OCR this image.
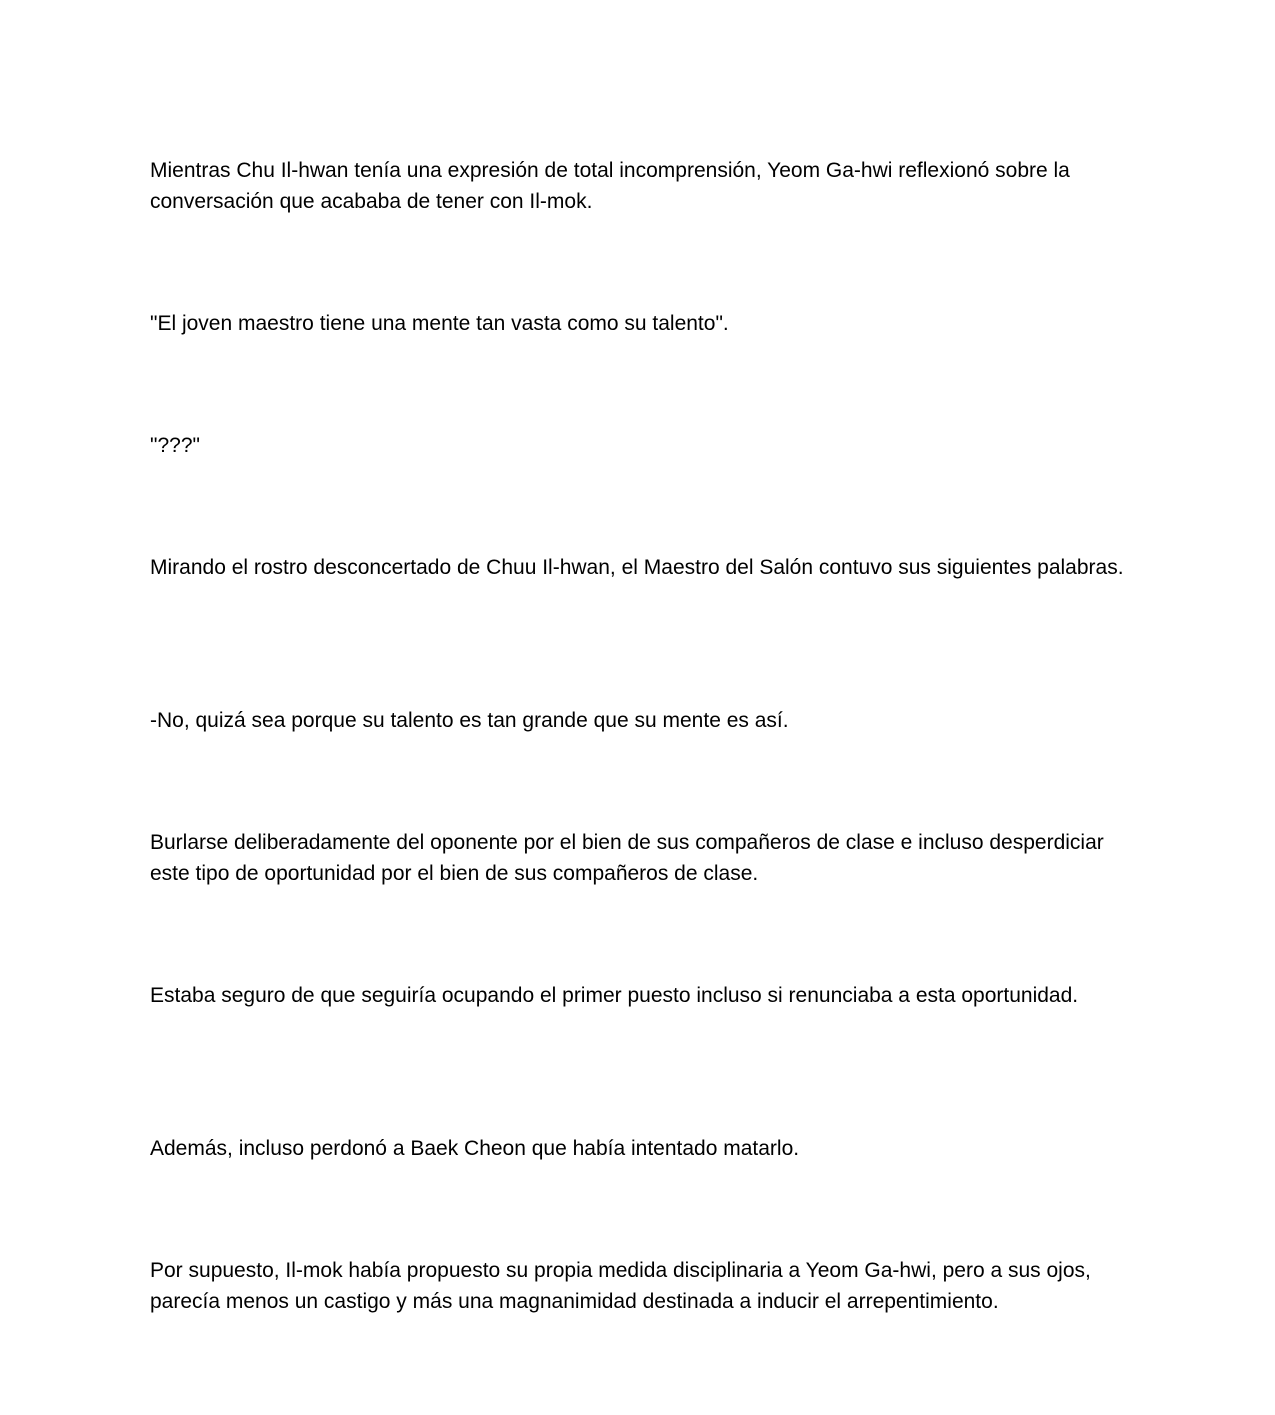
Mientras Chu Il-hwan tenía una expresión de total incomprensión, Yeom Ga-hwi reflexionó sobre la conversación que acababa de tener con Il-mok.

"El joven maestro tiene una mente tan vasta como su talento".

"???"

Mirando el rostro desconcertado de Chuu Il-hwan, el Maestro del Salón contuvo sus siguientes palabras.

-No, quizá sea porque su talento es tan grande que su mente es así.

Burlarse deliberadamente del oponente por el bien de sus compañeros de clase e incluso desperdiciar este tipo de oportunidad por el bien de sus compañeros de clase.

Estaba seguro de que seguiría ocupando el primer puesto incluso si renunciaba a esta oportunidad.

Además, incluso perdonó a Baek Cheon que había intentado matarlo.

Por supuesto, Il-mok había propuesto su propia medida disciplinaria a Yeom Ga-hwi, pero a sus ojos, parecía menos un castigo y más una magnanimidad destinada a inducir el arrepentimiento.
